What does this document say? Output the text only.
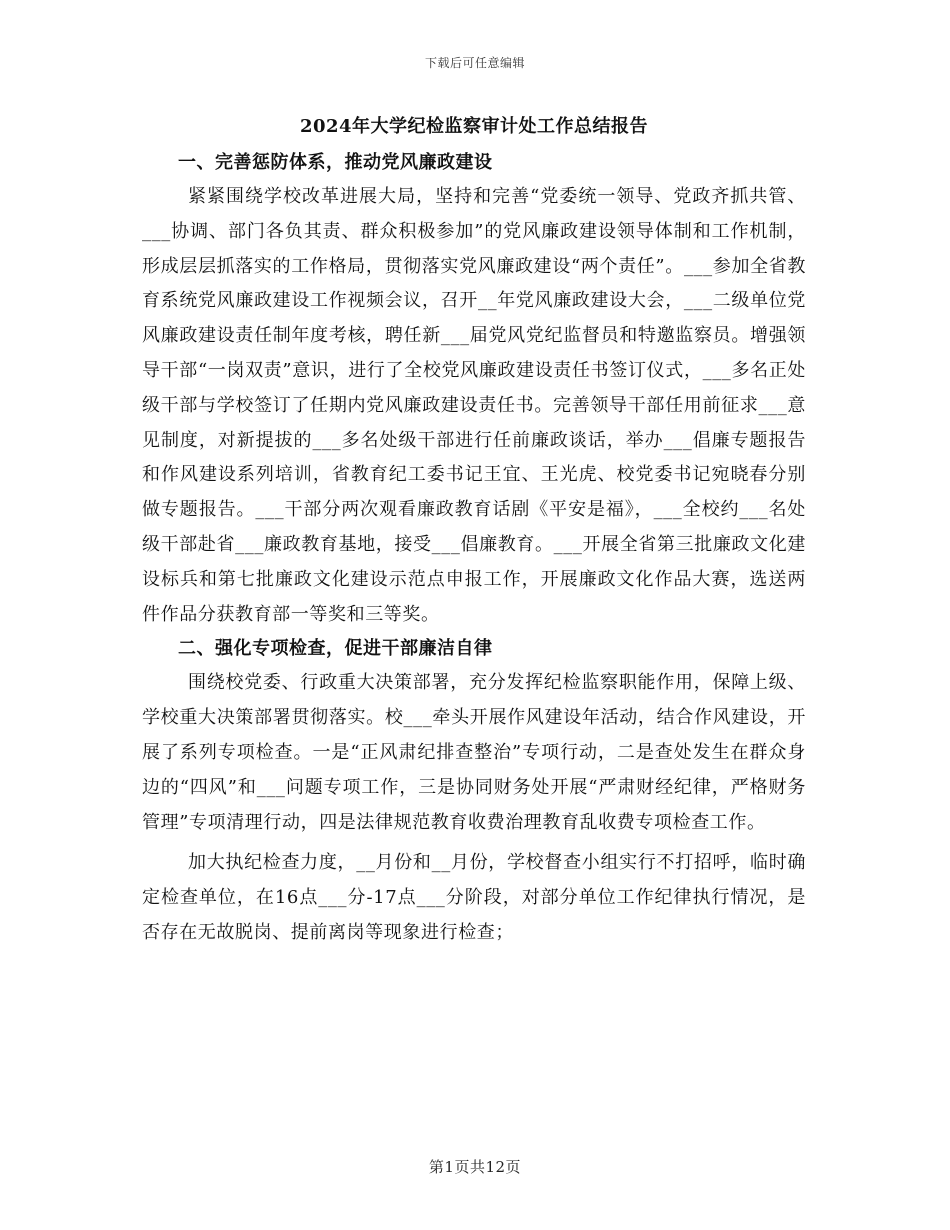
下载后可任意编辑
2024年大学纪检监察审计处工作总结报告
一、完善惩防体系，推动党风廉政建设

紧紧围绕学校改革进展大局，坚持和完善“党委统一领导、党政齐抓共管、___协调、部门各负其责、群众积极参加”的党风廉政建设领导体制和工作机制，形成层层抓落实的工作格局，贯彻落实党风廉政建设“两个责任”。___参加全省教育系统党风廉政建设工作视频会议，召开__年党风廉政建设大会，___二级单位党风廉政建设责任制年度考核，聘任新___届党风党纪监督员和特邀监察员。增强领导干部“一岗双责”意识，进行了全校党风廉政建设责任书签订仪式，___多名正处级干部与学校签订了任期内党风廉政建设责任书。完善领导干部任用前征求___意见制度，对新提拔的___多名处级干部进行任前廉政谈话，举办___倡廉专题报告和作风建设系列培训，省教育纪工委书记王宜、王光虎、校党委书记宛晓春分别做专题报告。___干部分两次观看廉政教育话剧《平安是福》，___全校约___名处级干部赴省___廉政教育基地，接受___倡廉教育。___开展全省第三批廉政文化建设标兵和第七批廉政文化建设示范点申报工作，开展廉政文化作品大赛，选送两件作品分获教育部一等奖和三等奖。

二、强化专项检查，促进干部廉洁自律

围绕校党委、行政重大决策部署，充分发挥纪检监察职能作用，保障上级、学校重大决策部署贯彻落实。校___牵头开展作风建设年活动，结合作风建设，开展了系列专项检查。一是“正风肃纪排查整治”专项行动，二是查处发生在群众身边的“四风”和___问题专项工作，三是协同财务处开展“严肃财经纪律，严格财务管理”专项清理行动，四是法律规范教育收费治理教育乱收费专项检查工作。

加大执纪检查力度，__月份和__月份，学校督查小组实行不打招呼，临时确定检查单位，在16点___分-17点___分阶段，对部分单位工作纪律执行情况，是否存在无故脱岗、提前离岗等现象进行检查；

第1页共12页
